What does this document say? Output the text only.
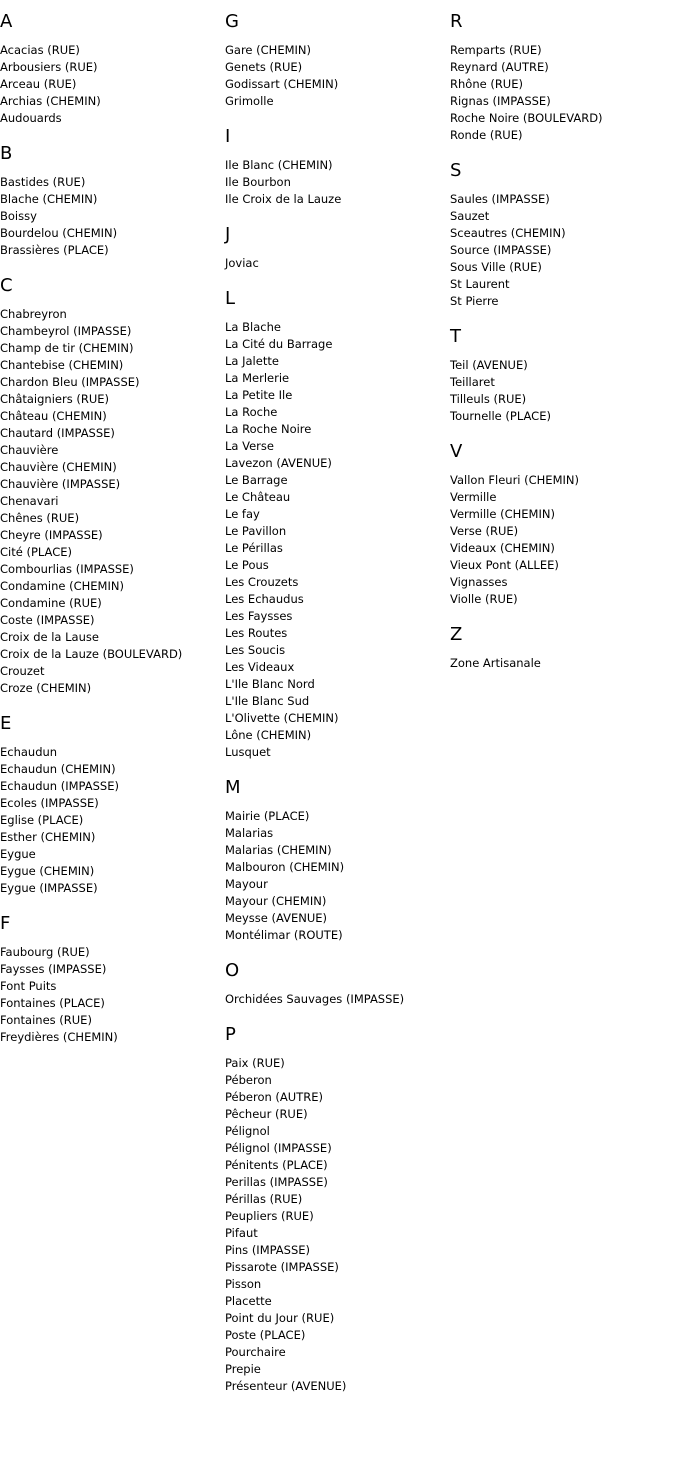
A
Acacias (RUE)
Arbousiers (RUE)
Arceau (RUE)
Archias (CHEMIN)
Audouards
B
Bastides (RUE)
Blache (CHEMIN)
Boissy
Bourdelou (CHEMIN)
Brassières (PLACE)
C
Chabreyron
Chambeyrol (IMPASSE)
Champ de tir (CHEMIN)
Chantebise (CHEMIN)
Chardon Bleu (IMPASSE)
Châtaigniers (RUE)
Château (CHEMIN)
Chautard (IMPASSE)
Chauvière
Chauvière (CHEMIN)
Chauvière (IMPASSE)
Chenavari
Chênes (RUE)
Cheyre (IMPASSE)
Cité (PLACE)
Combourlias (IMPASSE)
Condamine (CHEMIN)
Condamine (RUE)
Coste (IMPASSE)
Croix de la Lause
Croix de la Lauze (BOULEVARD)
Crouzet
Croze (CHEMIN)
E
Echaudun
Echaudun (CHEMIN)
Echaudun (IMPASSE)
Ecoles (IMPASSE)
Eglise (PLACE)
Esther (CHEMIN)
Eygue
Eygue (CHEMIN)
Eygue (IMPASSE)
F
Faubourg (RUE)
Faysses (IMPASSE)
Font Puits
Fontaines (PLACE)
Fontaines (RUE)
Freydières (CHEMIN)
G
Gare (CHEMIN)
Genets (RUE)
Godissart (CHEMIN)
Grimolle
I
Ile Blanc (CHEMIN)
Ile Bourbon
Ile Croix de la Lauze
J
Joviac
L
La Blache
La Cité du Barrage
La Jalette
La Merlerie
La Petite Ile
La Roche
La Roche Noire
La Verse
Lavezon (AVENUE)
Le Barrage
Le Château
Le fay
Le Pavillon
Le Périllas
Le Pous
Les Crouzets
Les Echaudus
Les Faysses
Les Routes
Les Soucis
Les Videaux
L'Ile Blanc Nord
L'Ile Blanc Sud
L'Olivette (CHEMIN)
Lône (CHEMIN)
Lusquet
M
Mairie (PLACE)
Malarias
Malarias (CHEMIN)
Malbouron (CHEMIN)
Mayour
Mayour (CHEMIN)
Meysse (AVENUE)
Montélimar (ROUTE)
O
Orchidées Sauvages (IMPASSE)
P
Paix (RUE)
Péberon
Péberon (AUTRE)
Pêcheur (RUE)
Pélignol
Pélignol (IMPASSE)
Pénitents (PLACE)
Perillas (IMPASSE)
Périllas (RUE)
Peupliers (RUE)
Pifaut
Pins (IMPASSE)
Pissarote (IMPASSE)
Pisson
Placette
Point du Jour (RUE)
Poste (PLACE)
Pourchaire
Prepie
Présenteur (AVENUE)
R
Remparts (RUE)
Reynard (AUTRE)
Rhône (RUE)
Rignas (IMPASSE)
Roche Noire (BOULEVARD)
Ronde (RUE)
S
Saules (IMPASSE)
Sauzet
Sceautres (CHEMIN)
Source (IMPASSE)
Sous Ville (RUE)
St Laurent
St Pierre
T
Teil (AVENUE)
Teillaret
Tilleuls (RUE)
Tournelle (PLACE)
V
Vallon Fleuri (CHEMIN)
Vermille
Vermille (CHEMIN)
Verse (RUE)
Videaux (CHEMIN)
Vieux Pont (ALLEE)
Vignasses
Violle (RUE)
Z
Zone Artisanale
